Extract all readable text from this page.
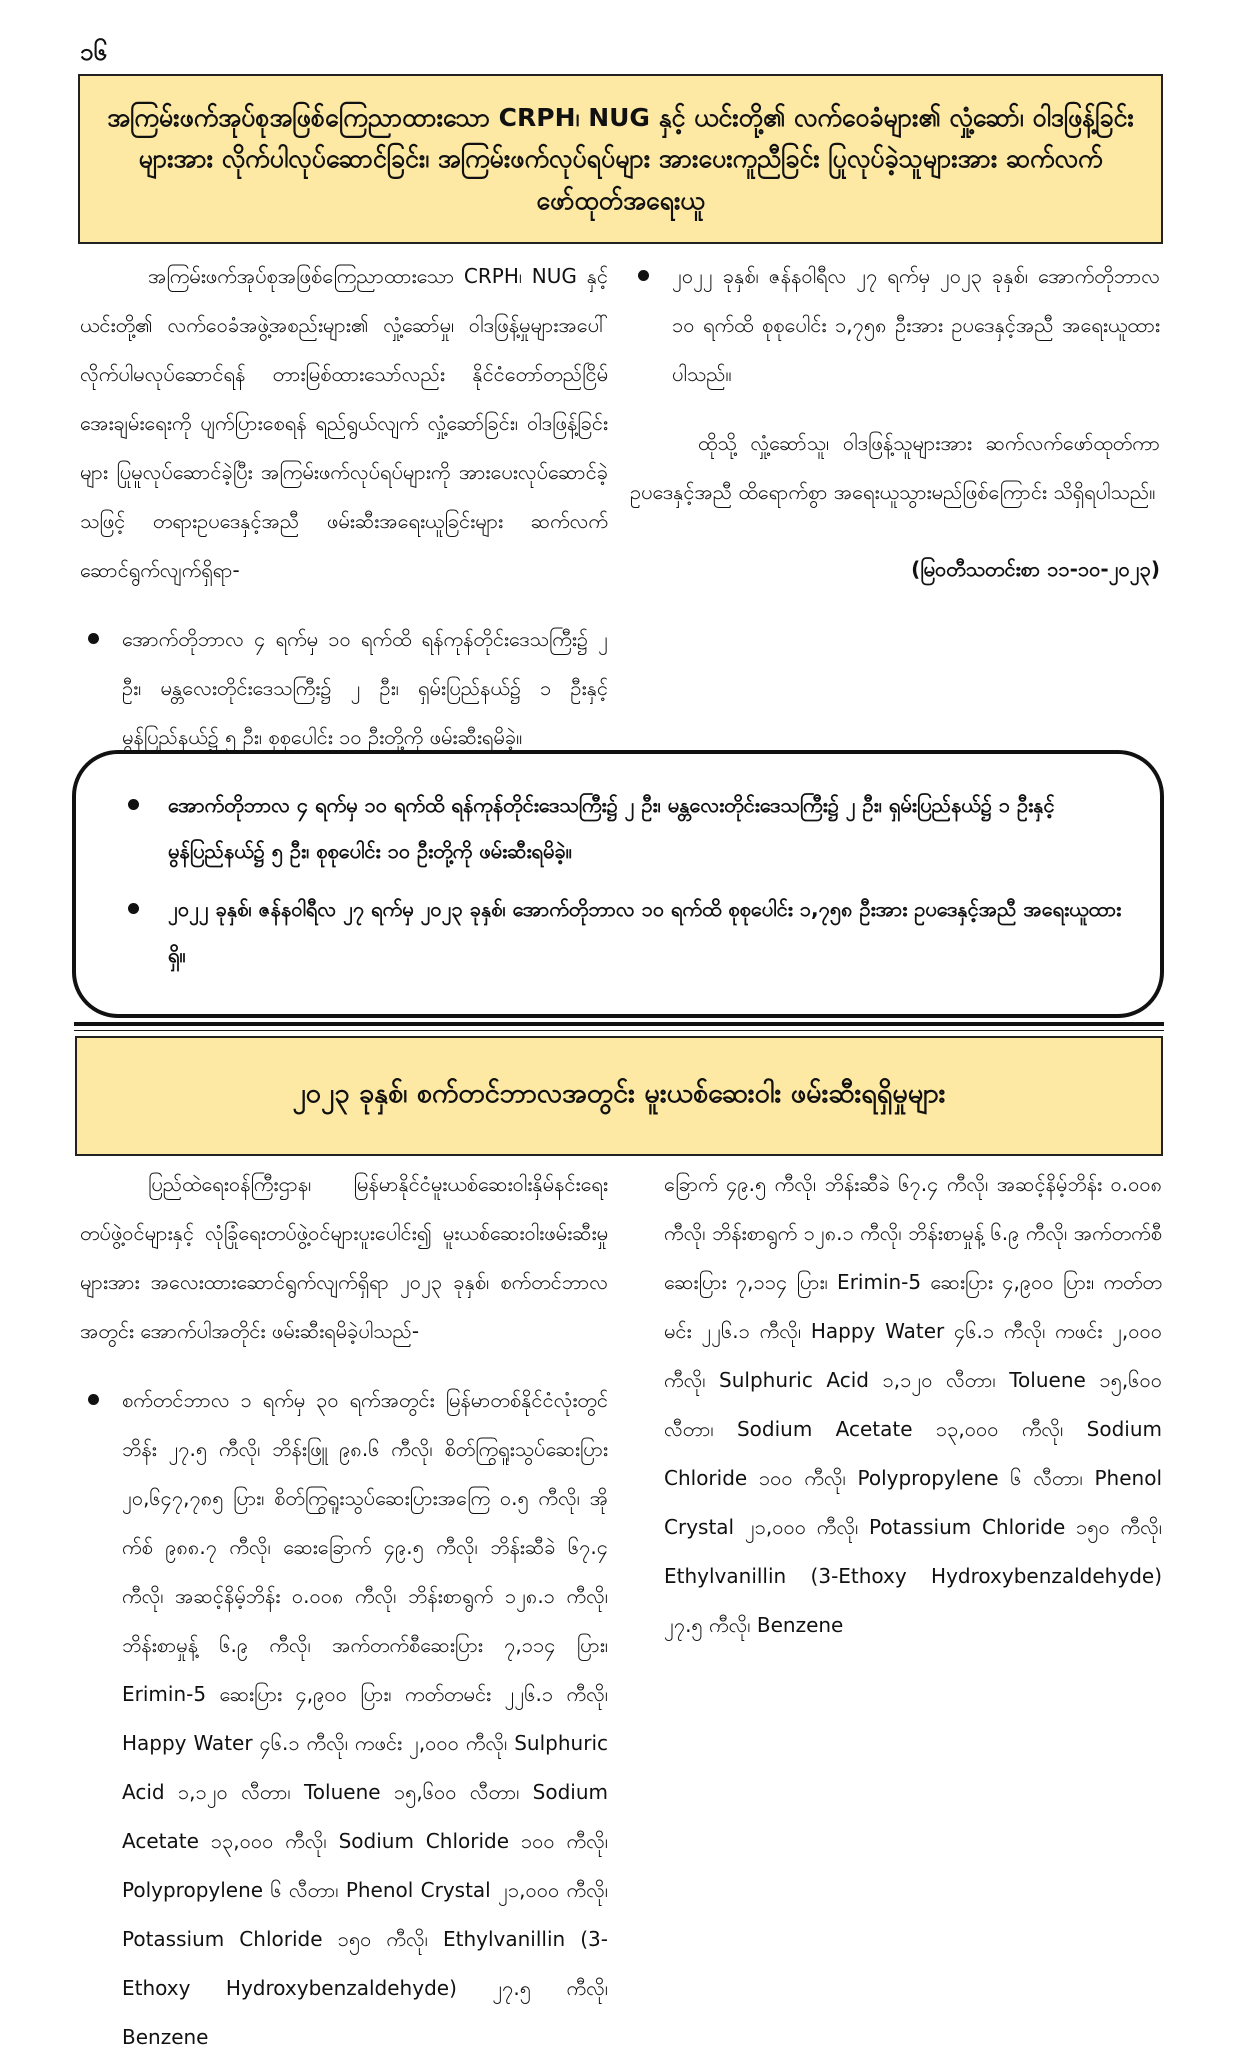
၁၆
အကြမ်းဖက်အုပ်စုအဖြစ်ကြေညာထားသော CRPH၊ NUG နှင့် ယင်းတို့၏ လက်ဝေခံများ၏ လှုံ့ဆော်၊ ဝါဒဖြန့်ခြင်းများအား လိုက်ပါလုပ်ဆောင်ခြင်း၊ အကြမ်းဖက်လုပ်ရပ်များ အားပေးကူညီခြင်း ပြုလုပ်ခဲ့သူများအား ဆက်လက်ဖော်ထုတ်အရေးယူ

အကြမ်းဖက်အုပ်စုအဖြစ်ကြေညာထားသော CRPH၊ NUG နှင့် ယင်းတို့၏ လက်ဝေခံအဖွဲ့အစည်းများ၏ လှုံ့ဆော်မှု၊ ဝါဒဖြန့်မှုများအပေါ် လိုက်ပါမလုပ်ဆောင်ရန် တားမြစ်ထားသော်လည်း နိုင်ငံတော်တည်ငြိမ်အေးချမ်းရေးကို ပျက်ပြားစေရန် ရည်ရွယ်လျက် လှုံ့ဆော်ခြင်း၊ ဝါဒဖြန့်ခြင်းများ ပြုမူလုပ်ဆောင်ခဲ့ပြီး အကြမ်းဖက်လုပ်ရပ်များကို အားပေးလုပ်ဆောင်ခဲ့သဖြင့် တရားဥပဒေနှင့်အညီ ဖမ်းဆီးအရေးယူခြင်းများ ဆက်လက်ဆောင်ရွက်လျက်ရှိရာ-

အောက်တိုဘာလ ၄ ရက်မှ ၁၀ ရက်ထိ ရန်ကုန်တိုင်းဒေသကြီး၌ ၂ ဦး၊ မန္တလေးတိုင်းဒေသကြီး၌ ၂ ဦး၊ ရှမ်းပြည်နယ်၌ ၁ ဦးနှင့် မွန်ပြည်နယ်၌ ၅ ဦး၊ စုစုပေါင်း ၁၀ ဦးတို့ကို ဖမ်းဆီးရမိခဲ့။
၂၀၂၂ ခုနှစ်၊ ဇန်နဝါရီလ ၂၇ ရက်မှ ၂၀၂၃ ခုနှစ်၊ အောက်တိုဘာလ ၁၀ ရက်ထိ စုစုပေါင်း ၁,၇၅၈ ဦးအား ဥပဒေနှင့်အညီ အရေးယူထားပါသည်။

ထိုသို့ လှုံ့ဆော်သူ၊ ဝါဒဖြန့်သူများအား ဆက်လက်ဖော်ထုတ်ကာ ဥပဒေနှင့်အညီ ထိရောက်စွာ အရေးယူသွားမည်ဖြစ်ကြောင်း သိရှိရပါသည်။

(မြဝတီသတင်းစာ ၁၁-၁၀-၂၀၂၃)
အောက်တိုဘာလ ၄ ရက်မှ ၁၀ ရက်ထိ ရန်ကုန်တိုင်းဒေသကြီး၌ ၂ ဦး၊ မန္တလေးတိုင်းဒေသကြီး၌ ၂ ဦး၊ ရှမ်းပြည်နယ်၌ ၁ ဦးနှင့် မွန်ပြည်နယ်၌ ၅ ဦး၊ စုစုပေါင်း ၁၀ ဦးတို့ကို ဖမ်းဆီးရမိခဲ့။
၂၀၂၂ ခုနှစ်၊ ဇန်နဝါရီလ ၂၇ ရက်မှ ၂၀၂၃ ခုနှစ်၊ အောက်တိုဘာလ ၁၀ ရက်ထိ စုစုပေါင်း ၁,၇၅၈ ဦးအား ဥပဒေနှင့်အညီ အရေးယူထားရှိ။
၂၀၂၃ ခုနှစ်၊ စက်တင်ဘာလအတွင်း မူးယစ်ဆေးဝါး ဖမ်းဆီးရရှိမှုများ

ပြည်ထဲရေးဝန်ကြီးဌာန၊ မြန်မာနိုင်ငံမူးယစ်ဆေးဝါးနှိမ်နင်းရေးတပ်ဖွဲ့ဝင်များနှင့် လုံခြုံရေးတပ်ဖွဲ့ဝင်များပူးပေါင်း၍ မူးယစ်ဆေးဝါးဖမ်းဆီးမှုများအား အလေးထားဆောင်ရွက်လျက်ရှိရာ ၂၀၂၃ ခုနှစ်၊ စက်တင်ဘာလအတွင်း အောက်ပါအတိုင်း ဖမ်းဆီးရမိခဲ့ပါသည်-

စက်တင်ဘာလ ၁ ရက်မှ ၃၀ ရက်အတွင်း မြန်မာတစ်နိုင်ငံလုံးတွင် ဘိန်း ၂၇.၅ ကီလို၊ ဘိန်းဖြူ ၉၈.၆ ကီလို၊ စိတ်ကြွရူးသွပ်ဆေးပြား ၂၀,၆၄၇,၇၈၅ ပြား၊ စိတ်ကြွရူးသွပ်ဆေးပြားအကြေ ၀.၅ ကီလို၊ အိုက်စ် ၉၈၈.၇ ကီလို၊ ဆေးခြောက် ၄၉.၅ ကီလို၊ ဘိန်းဆီခဲ ၆၇.၄ ကီလို၊ အဆင့်နိမ့်ဘိန်း ၀.၀၀၈ ကီလို၊ ဘိန်းစာရွက် ၁၂၈.၁ ကီလို၊ ဘိန်းစာမှုန့် ၆.၉ ကီလို၊ အက်တက်စီဆေးပြား ၇,၁၁၄ ပြား၊ Erimin-5 ဆေးပြား ၄,၉၀၀ ပြား၊ ကတ်တမင်း ၂၂၆.၁ ကီလို၊ Happy Water ၄၆.၁ ကီလို၊ ကဖင်း ၂,၀၀၀ ကီလို၊ Sulphuric Acid ၁,၁၂၀ လီတာ၊ Toluene ၁၅,၆၀၀ လီတာ၊ Sodium Acetate ၁၃,၀၀၀ ကီလို၊ Sodium Chloride ၁၀၀ ကီလို၊ Polypropylene ၆ လီတာ၊ Phenol Crystal ၂၁,၀၀၀ ကီလို၊ Potassium Chloride ၁၅၀ ကီလို၊ Ethylvanillin (3-Ethoxy Hydroxybenzaldehyde) ၂၇.၅ ကီလို၊ Benzene

ခြောက် ၄၉.၅ ကီလို၊ ဘိန်းဆီခဲ ၆၇.၄ ကီလို၊ အဆင့်နိမ့်ဘိန်း ၀.၀၀၈ ကီလို၊ ဘိန်းစာရွက် ၁၂၈.၁ ကီလို၊ ဘိန်းစာမှုန့် ၆.၉ ကီလို၊ အက်တက်စီဆေးပြား ၇,၁၁၄ ပြား၊ Erimin-5 ဆေးပြား ၄,၉၀၀ ပြား၊ ကတ်တမင်း ၂၂၆.၁ ကီလို၊ Happy Water ၄၆.၁ ကီလို၊ ကဖင်း ၂,၀၀၀ ကီလို၊ Sulphuric Acid ၁,၁၂၀ လီတာ၊ Toluene ၁၅,၆၀၀ လီတာ၊ Sodium Acetate ၁၃,၀၀၀ ကီလို၊ Sodium Chloride ၁၀၀ ကီလို၊ Polypropylene ၆ လီတာ၊ Phenol Crystal ၂၁,၀၀၀ ကီလို၊ Potassium Chloride ၁၅၀ ကီလို၊ Ethylvanillin (3-Ethoxy Hydroxybenzaldehyde) ၂၇.၅ ကီလို၊ Benzene
